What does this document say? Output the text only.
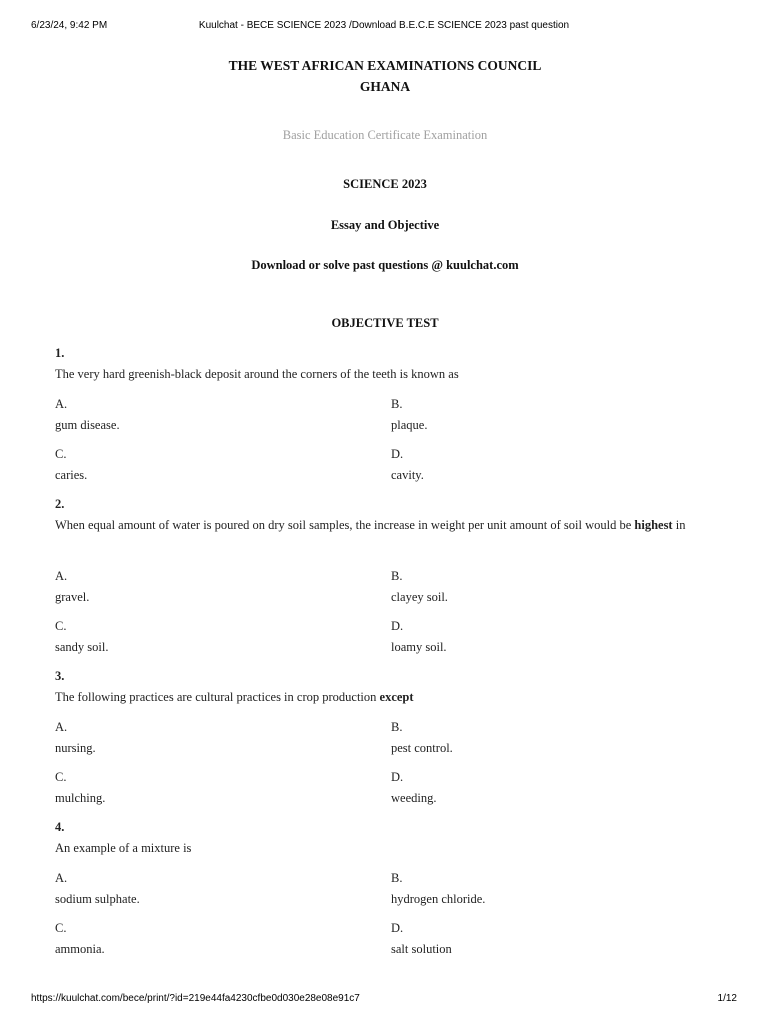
6/23/24, 9:42 PM	Kuulchat - BECE SCIENCE 2023 /Download B.E.C.E SCIENCE 2023 past question
THE WEST AFRICAN EXAMINATIONS COUNCIL
GHANA
Basic Education Certificate Examination
SCIENCE 2023
Essay and Objective
Download or solve past questions @ kuulchat.com
OBJECTIVE TEST
1.
The very hard greenish-black deposit around the corners of the teeth is known as
A.
gum disease.
B.
plaque.
C.
caries.
D.
cavity.
2.
When equal amount of water is poured on dry soil samples, the increase in weight per unit amount of soil would be highest in
A.
gravel.
B.
clayey soil.
C.
sandy soil.
D.
loamy soil.
3.
The following practices are cultural practices in crop production except
A.
nursing.
B.
pest control.
C.
mulching.
D.
weeding.
4.
An example of a mixture is
A.
sodium sulphate.
B.
hydrogen chloride.
C.
ammonia.
D.
salt solution
https://kuulchat.com/bece/print/?id=219e44fa4230cfbe0d030e28e08e91c7	1/12
